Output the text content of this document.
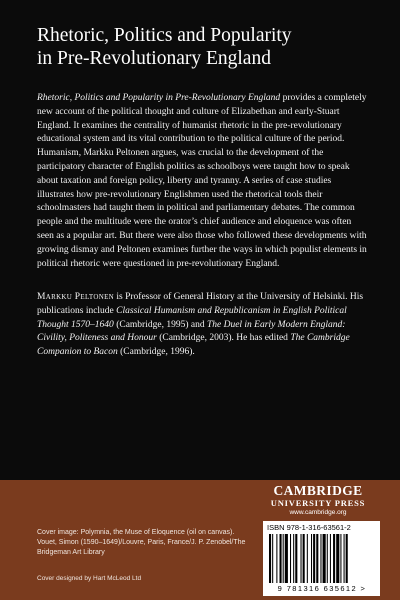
Rhetoric, Politics and Popularity
in Pre-Revolutionary England

Rhetoric, Politics and Popularity in Pre-Revolutionary England provides a completely new account of the political thought and culture of Elizabethan and early-Stuart England. It examines the centrality of humanist rhetoric in the pre-revolutionary educational system and its vital contribution to the political culture of the period. Humanism, Markku Peltonen argues, was crucial to the development of the participatory character of English politics as schoolboys were taught how to speak about taxation and foreign policy, liberty and tyranny. A series of case studies illustrates how pre-revolutionary Englishmen used the rhetorical tools their schoolmasters had taught them in political and parliamentary debates. The common people and the multitude were the orator’s chief audience and eloquence was often seen as a popular art. But there were also those who followed these developments with growing dismay and Peltonen examines further the ways in which populist elements in political rhetoric were questioned in pre-revolutionary England.

Markku Peltonen is Professor of General History at the University of Helsinki. His publications include Classical Humanism and Republicanism in English Political Thought 1570–1640 (Cambridge, 1995) and The Duel in Early Modern England: Civility, Politeness and Honour (Cambridge, 2003). He has edited The Cambridge Companion to Bacon (Cambridge, 1996).

Cover image: Polymnia, the Muse of Eloquence (oil on canvas). Vouet, Simon (1590–1649)/Louvre, Paris, France/J. P. Zenobel/The Bridgeman Art Library

Cover designed by Hart McLeod Ltd

CAMBRIDGE
UNIVERSITY PRESS
www.cambridge.org
ISBN 978-1-316-63561-2
9 781316 635612 >
